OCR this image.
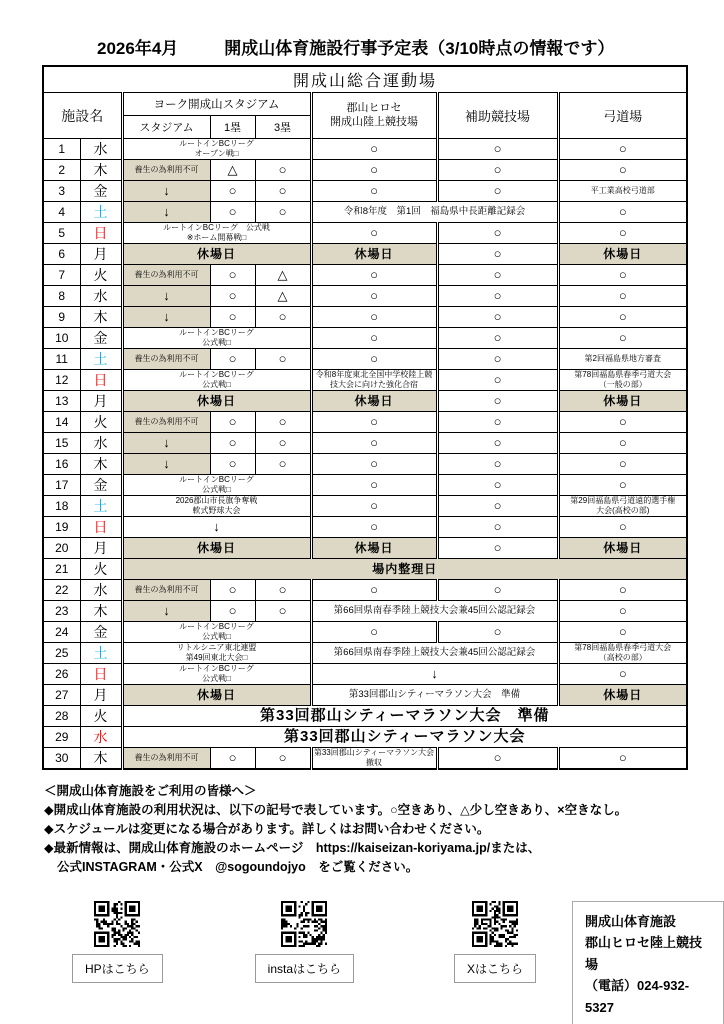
2026年4月	開成山体育施設行事予定表（3/10時点の情報です）
開成山総合運動場							
施設名		ヨーク開成山スタジアム			郡山ヒロセ
開成山陸上競技場	補助競技場	弓道場
		スタジアム	1塁	3塁			
1	水	ルートインBCリーグ
オープン戦□			○	○	○
2	木	養生の為利用不可	△	○	○	○	○
3	金	↓	○	○	○	○	平工業高校弓道部
4	土	↓	○	○	令和8年度　第1回　福島県中長距離記録会		○
5	日	ルートインBCリーグ　公式戦
※ホーム開幕戦□			○	○	○
6	月	休場日			休場日	○	休場日
7	火	養生の為利用不可	○	△	○	○	○
8	水	↓	○	△	○	○	○
9	木	↓	○	○	○	○	○
10	金	ルートインBCリーグ
公式戦□			○	○	○
11	土	養生の為利用不可	○	○	○	○	第2回福島県地方審査
12	日	ルートインBCリーグ
公式戦□			令和8年度東北全国中学校陸上競
技大会に向けた強化合宿	○	第78回福島県春季弓道大会
（一般の部）
13	月	休場日			休場日	○	休場日
14	火	養生の為利用不可	○	○	○	○	○
15	水	↓	○	○	○	○	○
16	木	↓	○	○	○	○	○
17	金	ルートインBCリーグ
公式戦□			○	○	○
18	土	2026郡山市長旗争奪戦
軟式野球大会			○	○	第29回福島県弓道遠的選手権
大会(高校の部)
19	日	↓			○	○	○
20	月	休場日			休場日	○	休場日
21	火	場内整理日					
22	水	養生の為利用不可	○	○	○	○	○
23	木	↓	○	○	第66回県南春季陸上競技大会兼45回公認記録会		○
24	金	ルートインBCリーグ
公式戦□			○	○	○
25	土	リトルシニア東北連盟
第49回東北大会□			第66回県南春季陸上競技大会兼45回公認記録会		第78回福島県春季弓道大会
（高校の部）
26	日	ルートインBCリーグ
公式戦□			↓		○
27	月	休場日			第33回郡山シティーマラソン大会　準備		休場日
28	火	第33回郡山シティーマラソン大会　準備					
29	水	第33回郡山シティーマラソン大会					
30	木	養生の為利用不可	○	○	第33回郡山シティーマラソン大会
撤収	○	○
＜開成山体育施設をご利用の皆様へ＞
◆開成山体育施設の利用状況は、以下の記号で表しています。○空きあり、△少し空きあり、×空きなし。
◆スケジュールは変更になる場合があります。詳しくはお問い合わせください。
◆最新情報は、開成山体育施設のホームページ　https://kaiseizan-koriyama.jp/または、
公式INSTAGRAM・公式X　@sogoundojyo　をご覧ください。
HPはこちら	instaはこちら	Xはこちら
開成山体育施設
郡山ヒロセ陸上競技場
（電話）024-932-5327
